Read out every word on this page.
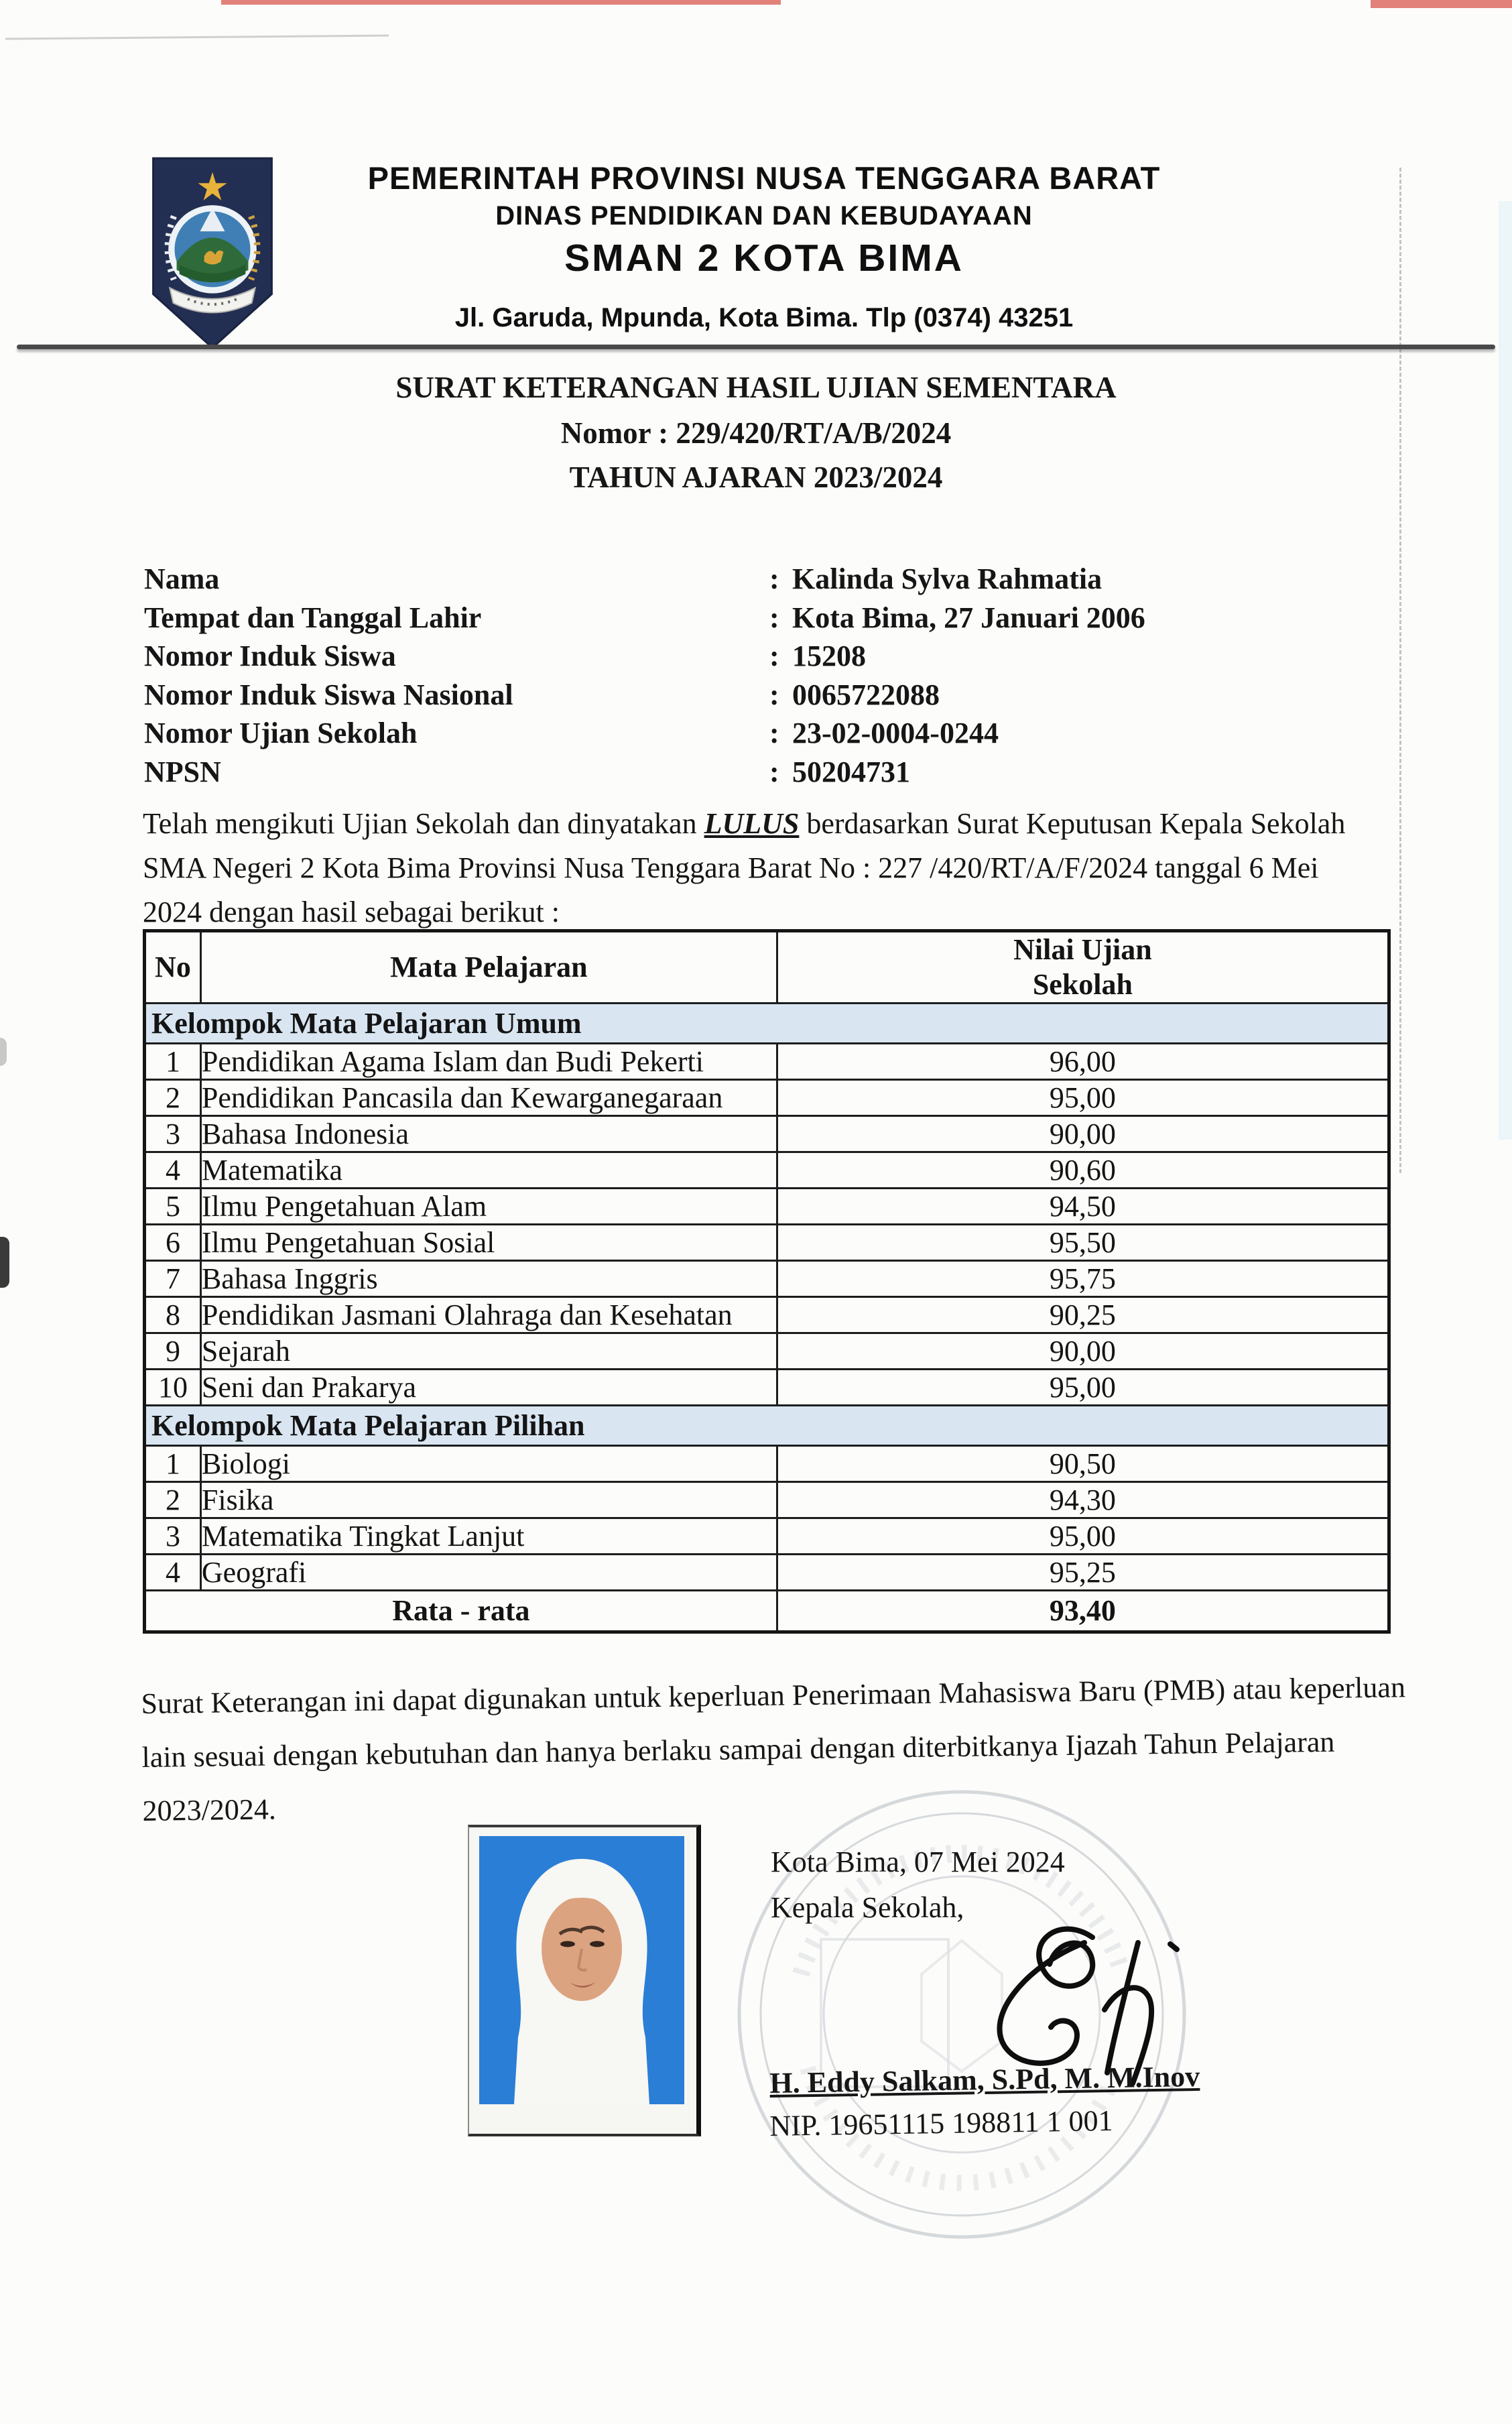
PEMERINTAH PROVINSI NUSA TENGGARA BARAT
DINAS PENDIDIKAN DAN KEBUDAYAAN
SMAN 2 KOTA BIMA
Jl. Garuda, Mpunda, Kota Bima. Tlp (0374) 43251
SURAT KETERANGAN HASIL UJIAN SEMENTARA
Nomor : 229/420/RT/A/B/2024
TAHUN AJARAN 2023/2024
Nama	: Kalinda Sylva Rahmatia
Tempat dan Tanggal Lahir	: Kota Bima, 27 Januari 2006
Nomor Induk Siswa	: 15208
Nomor Induk Siswa Nasional	: 0065722088
Nomor Ujian Sekolah	: 23-02-0004-0244
NPSN	: 50204731
Telah mengikuti Ujian Sekolah dan dinyatakan LULUS berdasarkan Surat Keputusan Kepala Sekolah SMA Negeri 2 Kota Bima Provinsi Nusa Tenggara Barat No : 227 /420/RT/A/F/2024 tanggal 6 Mei 2024 dengan hasil sebagai berikut :
No	Mata Pelajaran	Nilai Ujian
Sekolah

Kelompok Mata Pelajaran Umum		
1	Pendidikan Agama Islam dan Budi Pekerti	96,00
2	Pendidikan Pancasila dan Kewarganegaraan	95,00
3	Bahasa Indonesia	90,00
4	Matematika	90,60
5	Ilmu Pengetahuan Alam	94,50
6	Ilmu Pengetahuan Sosial	95,50
7	Bahasa Inggris	95,75
8	Pendidikan Jasmani Olahraga dan Kesehatan	90,25
9	Sejarah	90,00
10	Seni dan Prakarya	95,00
Kelompok Mata Pelajaran Pilihan		
1	Biologi	90,50
2	Fisika	94,30
3	Matematika Tingkat Lanjut	95,00
4	Geografi	95,25
Rata - rata		93,40
Surat Keterangan ini dapat digunakan untuk keperluan Penerimaan Mahasiswa Baru (PMB) atau keperluan lain sesuai dengan kebutuhan dan hanya berlaku sampai dengan diterbitkanya Ijazah Tahun Pelajaran 2023/2024.
Kota Bima, 07 Mei 2024
Kepala Sekolah,
H. Eddy Salkam, S.Pd, M. M.Inov
NIP. 19651115 198811 1 001
